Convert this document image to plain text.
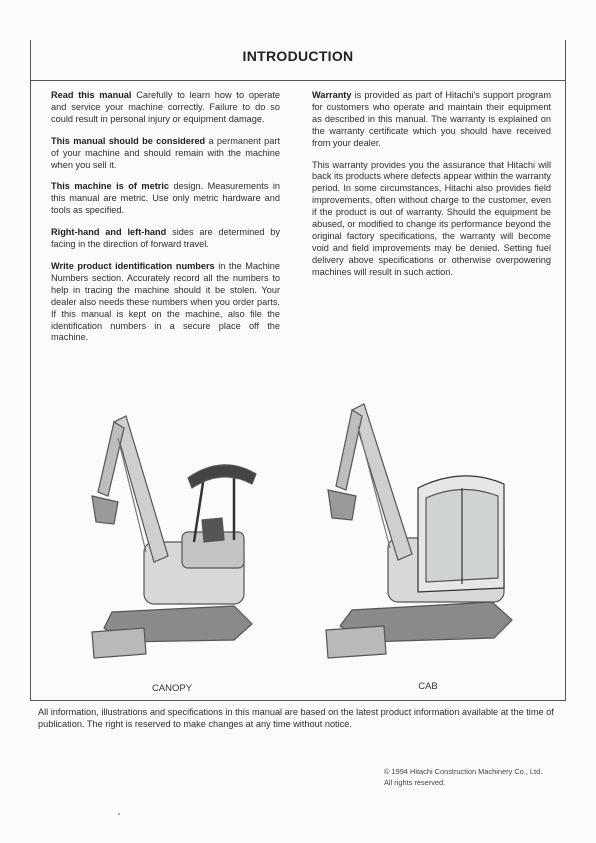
INTRODUCTION

Read this manual Carefully to learn how to operate and service your machine correctly. Failure to do so could result in personal injury or equipment damage.

This manual should be considered a permanent part of your machine and should remain with the machine when you sell it.

This machine is of metric design. Measurements in this manual are metric. Use only metric hardware and tools as specified.

Right-hand and left-hand sides are determined by facing in the direction of forward travel.

Write product identification numbers in the Machine Numbers section. Accurately record all the numbers to help in tracing the machine should it be stolen. Your dealer also needs these numbers when you order parts. If this manual is kept on the machine, also file the identification numbers in a secure place off the machine.

Warranty is provided as part of Hitachi's support program for customers who operate and maintain their equipment as described in this manual. The warranty is explained on the warranty certificate which you should have received from your dealer.

This warranty provides you the assurance that Hitachi will back its products where defects appear within the warranty period. In some circumstances, Hitachi also provides field improvements, often without charge to the customer, even if the product is out of warranty. Should the equipment be abused, or modified to change its performance beyond the original factory specifications, the warranty will become void and field improvements may be denied. Setting fuel delivery above specifications or otherwise overpowering machines will result in such action.

CANOPY	CAB
All information, illustrations and specifications in this manual are based on the latest product information available at the time of publication. The right is reserved to make changes at any time without notice.
© 1994 Hitachi Construction Machinery Co., Ltd.
All rights reserved.
